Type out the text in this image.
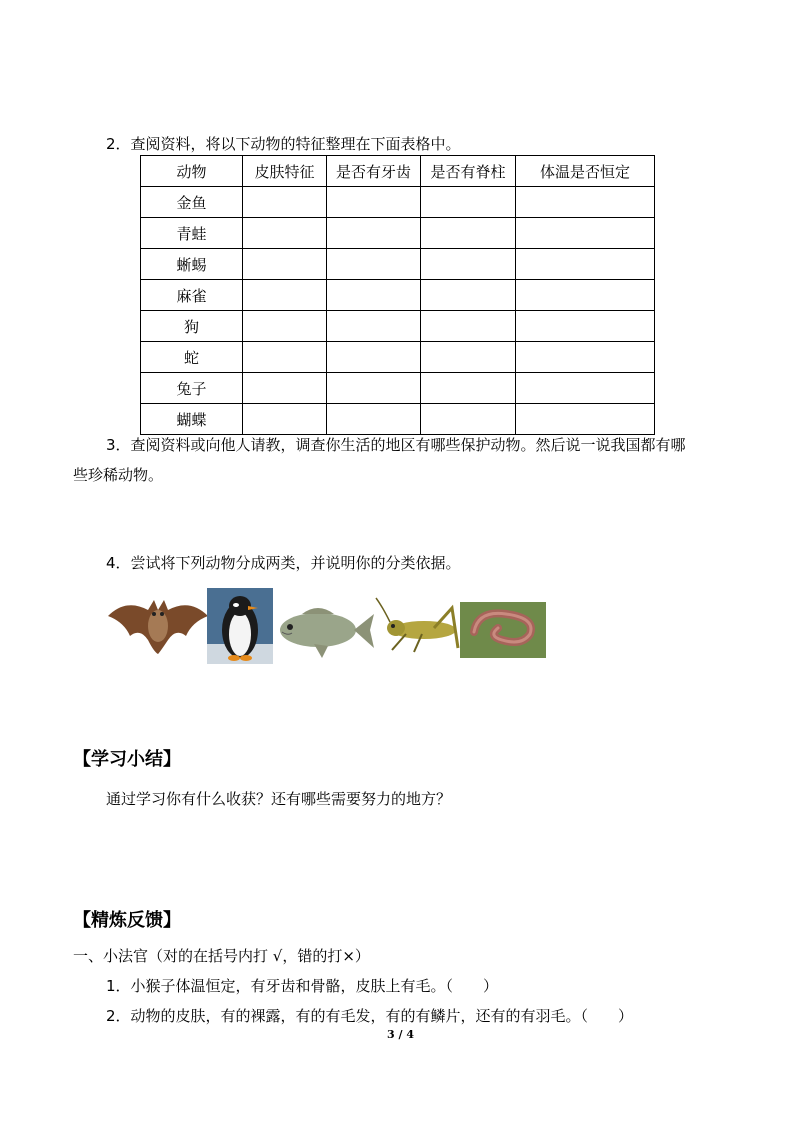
2．查阅资料，将以下动物的特征整理在下面表格中。
动物	皮肤特征	是否有牙齿	是否有脊柱	体温是否恒定
金鱼				
青蛙				
蜥蜴				
麻雀				
狗				
蛇				
兔子				
蝴蝶				
3．查阅资料或向他人请教，调查你生活的地区有哪些保护动物。然后说一说我国都有哪
些珍稀动物。
4．尝试将下列动物分成两类，并说明你的分类依据。
【学习小结】
通过学习你有什么收获？还有哪些需要努力的地方？
【精炼反馈】
一、小法官（对的在括号内打 √，错的打×）
1．小猴子体温恒定，有牙齿和骨骼，皮肤上有毛。（　　）
2．动物的皮肤，有的裸露，有的有毛发，有的有鳞片，还有的有羽毛。（　　）
3 / 4
